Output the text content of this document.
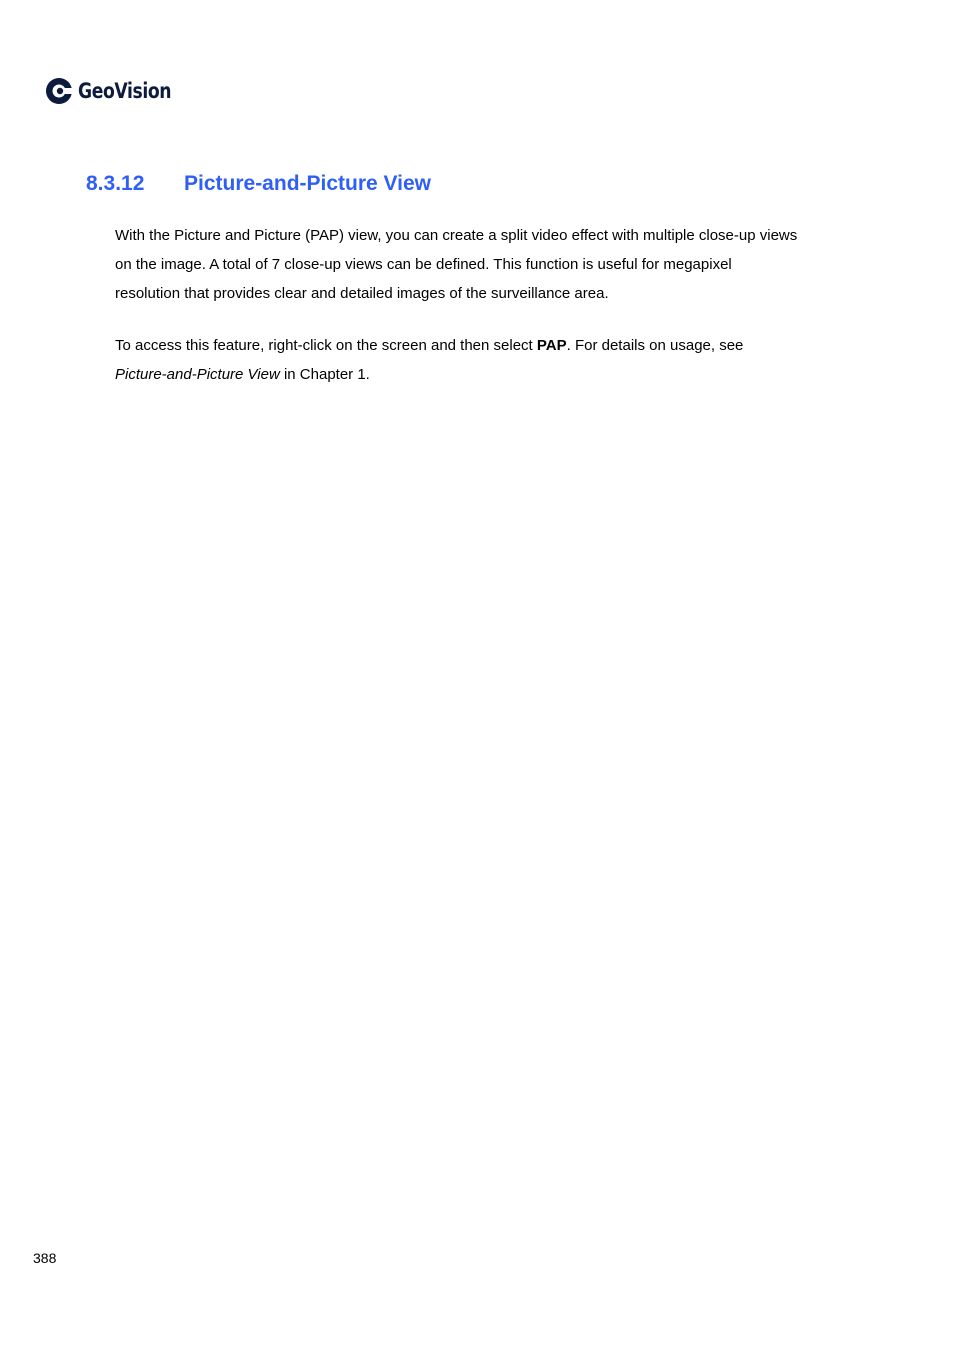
GeoVision
8.3.12 Picture-and-Picture View

With the Picture and Picture (PAP) view, you can create a split video effect with multiple close-up views
on the image. A total of 7 close-up views can be defined. This function is useful for megapixel
resolution that provides clear and detailed images of the surveillance area.

To access this feature, right-click on the screen and then select PAP. For details on usage, see
Picture-and-Picture View in Chapter 1.

388
